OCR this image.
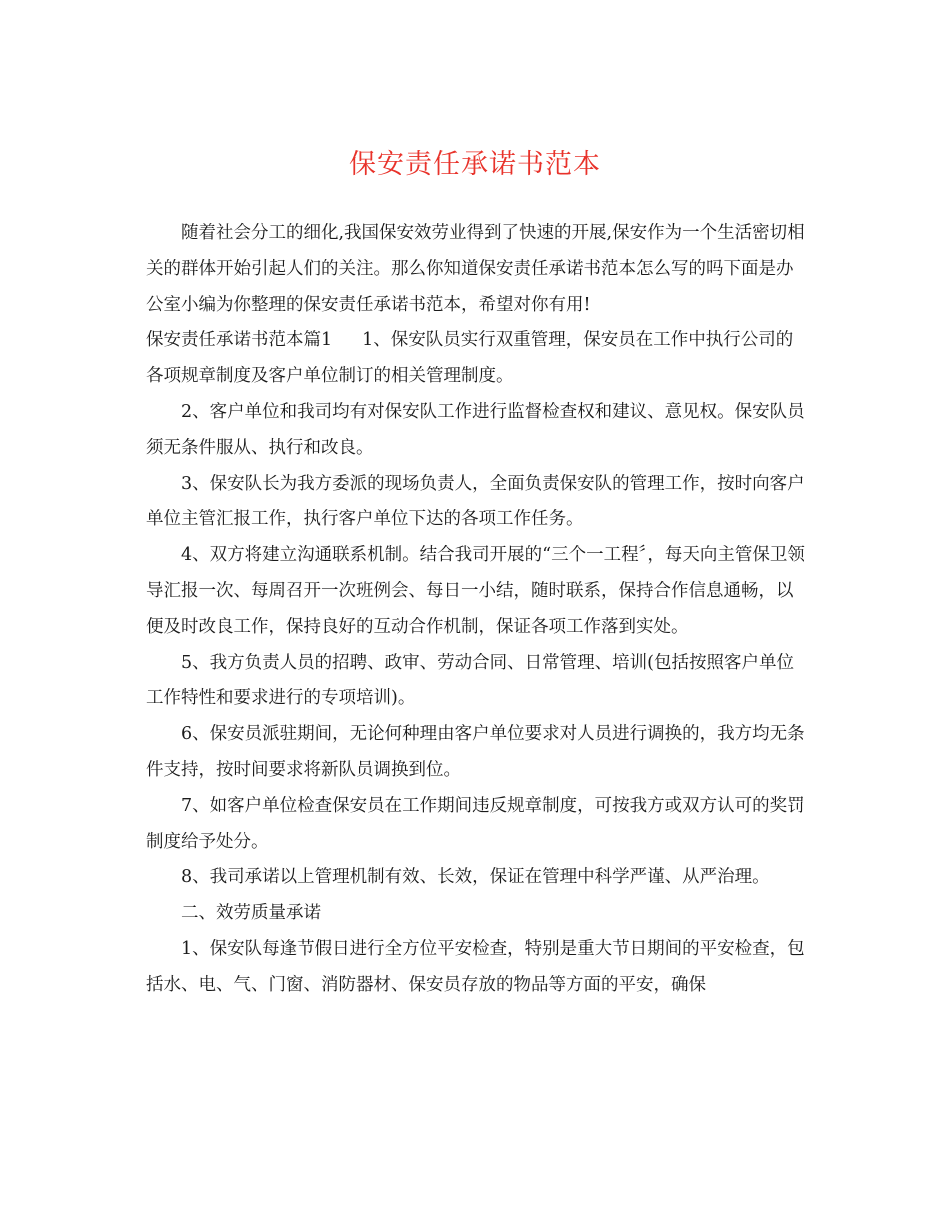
保安责任承诺书范本

随着社会分工的细化,我国保安效劳业得到了快速的开展,保安作为一个生活密切相关的群体开始引起人们的关注。那么你知道保安责任承诺书范本怎么写的吗下面是办公室小编为你整理的保安责任承诺书范本，希望对你有用!

保安责任承诺书范本篇1 1、保安队员实行双重管理，保安员在工作中执行公司的各项规章制度及客户单位制订的相关管理制度。

2、客户单位和我司均有对保安队工作进行监督检查权和建议、意见权。保安队员须无条件服从、执行和改良。

3、保安队长为我方委派的现场负责人，全面负责保安队的管理工作，按时向客户单位主管汇报工作，执行客户单位下达的各项工作任务。

4、双方将建立沟通联系机制。结合我司开展的“三个一工程〞，每天向主管保卫领导汇报一次、每周召开一次班例会、每日一小结，随时联系，保持合作信息通畅，以便及时改良工作，保持良好的互动合作机制，保证各项工作落到实处。

5、我方负责人员的招聘、政审、劳动合同、日常管理、培训(包括按照客户单位工作特性和要求进行的专项培训)。

6、保安员派驻期间，无论何种理由客户单位要求对人员进行调换的，我方均无条件支持，按时间要求将新队员调换到位。

7、如客户单位检查保安员在工作期间违反规章制度，可按我方或双方认可的奖罚制度给予处分。

8、我司承诺以上管理机制有效、长效，保证在管理中科学严谨、从严治理。

二、效劳质量承诺

1、保安队每逢节假日进行全方位平安检查，特别是重大节日期间的平安检查，包括水、电、气、门窗、消防器材、保安员存放的物品等方面的平安，确保
